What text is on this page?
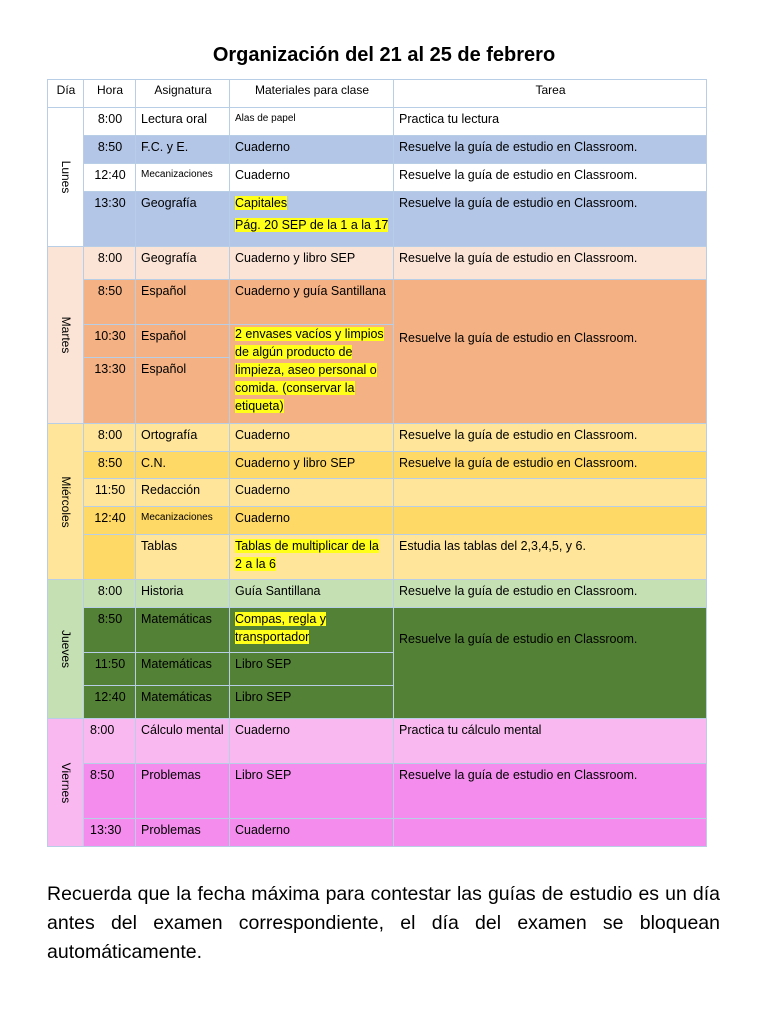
Organización del 21 al 25 de febrero
Día	Hora	Asignatura	Materiales para clase	Tarea

Lunes	8:00	Lectura oral	Alas de papel	Practica tu lectura
	8:50	F.C. y E.	Cuaderno	Resuelve la guía de estudio en Classroom.
	12:40	Mecanizaciones	Cuaderno	Resuelve la guía de estudio en Classroom.
	13:30	Geografía	Capitales
Pág. 20 SEP de la 1 a la 17	Resuelve la guía de estudio en Classroom.

Martes	8:00	Geografía	Cuaderno y libro SEP	Resuelve la guía de estudio en Classroom.
	8:50	Español	Cuaderno y guía Santillana	Resuelve la guía de estudio en Classroom.
	10:30	Español	2 envases vacíos y limpios de algún producto de limpieza, aseo personal o comida. (conservar la etiqueta)	
	13:30	Español		

Miércoles	8:00	Ortografía	Cuaderno	Resuelve la guía de estudio en Classroom.
	8:50	C.N.	Cuaderno y libro SEP	Resuelve la guía de estudio en Classroom.
	11:50	Redacción	Cuaderno	
	12:40	Mecanizaciones	Cuaderno	
		Tablas	Tablas de multiplicar de la 2 a la 6	Estudia las tablas del 2,3,4,5, y 6.

Jueves	8:00	Historia	Guía Santillana	Resuelve la guía de estudio en Classroom.
	8:50	Matemáticas	Compas, regla y transportador	Resuelve la guía de estudio en Classroom.
	11:50	Matemáticas	Libro SEP	
	12:40	Matemáticas	Libro SEP	

Viernes	8:00	Cálculo mental	Cuaderno	Practica tu cálculo mental
	8:50	Problemas	Libro SEP	Resuelve la guía de estudio en Classroom.
	13:30	Problemas	Cuaderno	
Recuerda que la fecha máxima para contestar las guías de estudio es un día antes del examen correspondiente, el día del examen se bloquean automáticamente.
